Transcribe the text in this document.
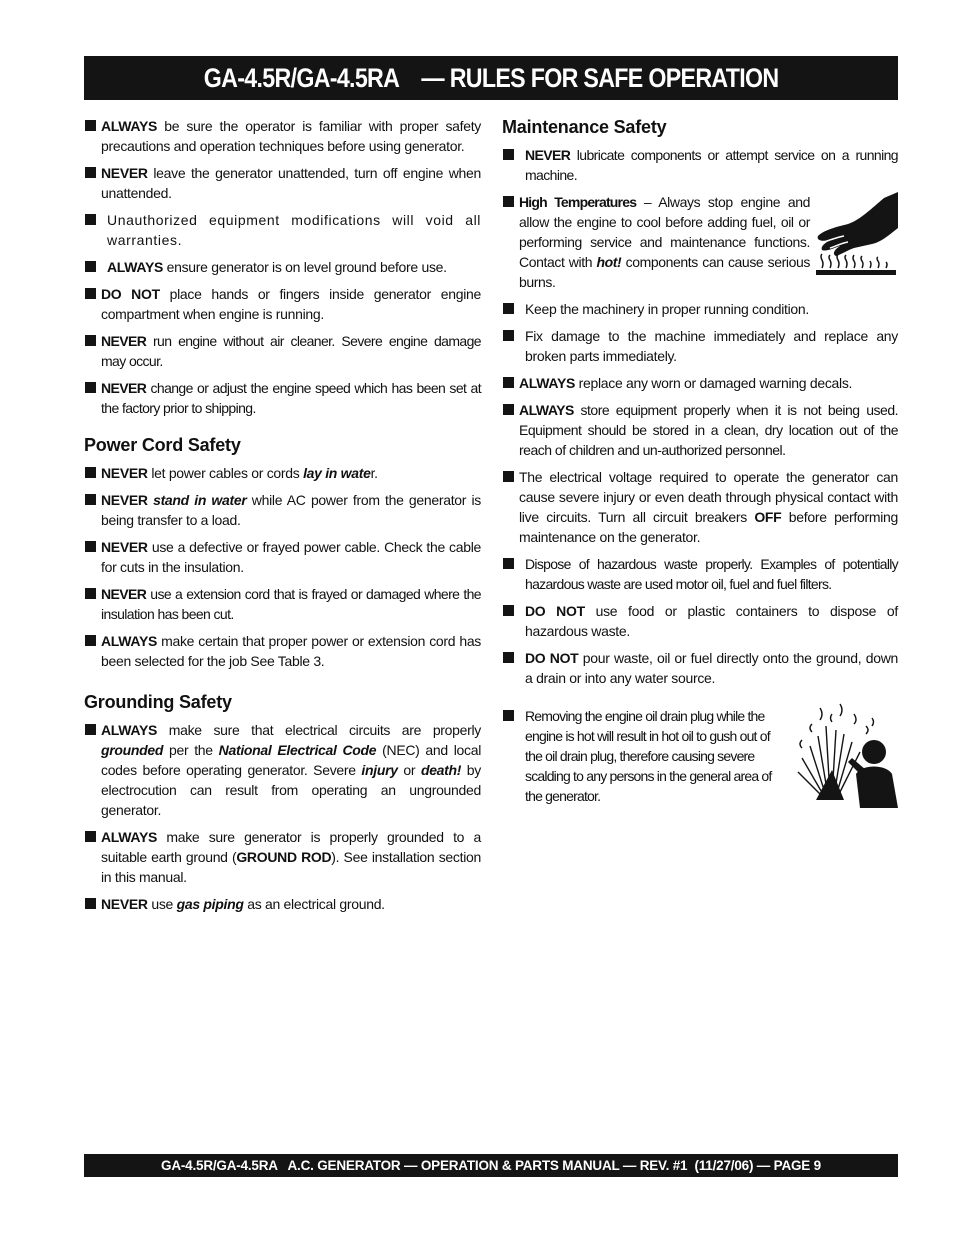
GA-4.5R/GA-4.5RA    — RULES FOR SAFE OPERATION
ALWAYS be sure the operator is familiar with proper safety precautions and operation techniques before using generator.
NEVER leave the generator unattended, turn off engine when unattended.
Unauthorized equipment modifications will void all warranties.
ALWAYS ensure generator is on level ground before use.
DO NOT place hands or fingers inside generator engine compartment when engine is running.
NEVER run engine without air cleaner. Severe engine damage may occur.
NEVER change or adjust the engine speed which has been set at the factory prior to shipping.
Power Cord Safety
NEVER let power cables or cords lay in water.
NEVER stand in water while AC power from the generator is being transfer to a load.
NEVER use a defective or frayed power cable. Check the cable for cuts in the insulation.
NEVER use a extension cord that is frayed or damaged where the insulation has been cut.
ALWAYS make certain that proper power or extension cord has been selected for the job See Table 3.
Grounding Safety
ALWAYS make sure that electrical circuits are properly grounded per the National Electrical Code (NEC) and local codes before operating generator. Severe injury or death! by electrocution can result from operating an ungrounded generator.
ALWAYS make sure generator is properly grounded to a suitable earth ground (GROUND ROD). See installation section in this manual.
NEVER use gas piping as an electrical ground.
Maintenance Safety
NEVER lubricate components or attempt service on a running machine.
High Temperatures – Always stop engine and allow the engine to cool before adding fuel, oil or performing service and maintenance functions. Contact with hot! components can cause serious burns.
Keep the machinery in proper running condition.
Fix damage to the machine immediately and replace any broken parts immediately.
ALWAYS replace any worn or damaged warning decals.
ALWAYS store equipment properly when it is not being used. Equipment should be stored in a clean, dry location out of the reach of children and un-authorized personnel.
The electrical voltage required to operate the generator can cause severe injury or even death through physical contact with live circuits. Turn all circuit breakers OFF before performing maintenance on the generator.
Dispose of hazardous waste properly. Examples of potentially hazardous waste are used motor oil, fuel and fuel filters.
DO NOT use food or plastic containers to dispose of hazardous waste.
DO NOT pour waste, oil or fuel directly onto the ground, down a drain or into any water source.
Removing the engine oil drain plug while the engine is hot will result in hot oil to gush out of the oil drain plug, therefore causing severe scalding to any persons in the general area of the generator.
GA-4.5R/GA-4.5RA   A.C. GENERATOR — OPERATION & PARTS MANUAL — REV. #1  (11/27/06) — PAGE 9
